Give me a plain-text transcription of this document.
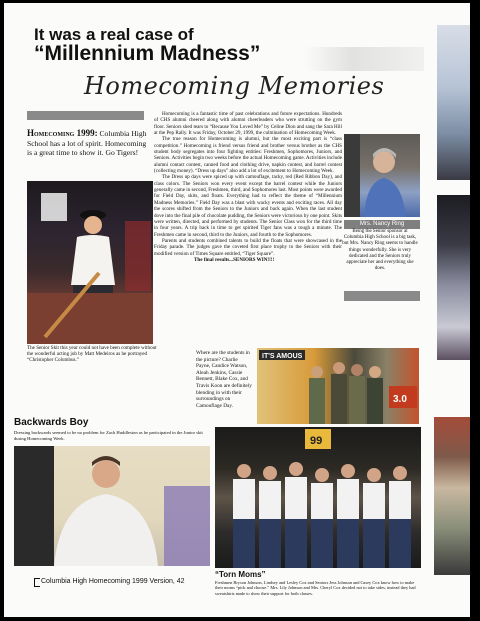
It was a real case of
“Millennium Madness”
Homecoming Memories
Homecoming 1999: Columbia High School has a lot of spirit. Homecoming is a great time to show it. Go Tigers!

Homecoming is a fantastic time of past celebrations and future expectations. Hundreds of CHS alumni cheered along with alumni cheerleaders who were strutting on the gym floor. Seniors shed tears to “Because You Loved Me” by Celine Dion and sang the Sara Hill at the Pep Rally. It was Friday, October 29, 1999, the culmination of Homecoming Week.

The true reason for Homecoming is alumni, but the most exciting part is “class competition.” Homecoming is friend versus friend and brother versus brother as the CHS student body segregates into four fighting entities: Freshmen, Sophomores, Juniors, and Seniors. Activities begin two weeks before the actual Homecoming game. Activities include alumni contact contest, canned food and clothing drive, napkin contest, and barrel contest (collecting money). “Dress up days” also add a lot of excitement to Homecoming Week.

The Dress up days were spiced up with camouflage, tacky, red (Red Ribbon Day), and class colors. The Seniors won every event except the barrel contest while the Juniors generally came in second, Freshmen, third, and Sophomores last. Most points were awarded for Field Day, skits, and floats. Everything had to reflect the theme of “Millennium Madness Memories.” Field Day was a blast with wacky events and exciting races. All day the scores shifted from the Seniors to the Juniors and back again. When the last student dove into the final pile of chocolate pudding, the Seniors were victorious by one point. Skits were written, directed, and performed by students. The Senior Class won for the third time in four years. A trip back in time to get spirited Tiger fans was a tough a minute. The Freshmen came in second, third to the Juniors, and fourth to the Sophomores.

Parents and students combined talents to build the floats that were showcased in the Friday parade. The judges gave the coveted first place trophy to the Seniors with their modified version of Times Square entitled, “Tiger Square”.

The final results...SENIORS WIN!!!!

The Senior Skit this year could not have been complete without the wonderful acting job by Matt Medeiros as he portrayed “Christopher Columbus.”
Mrs. Nancy Ring
Being the Senior sponsor at Columbia High School is a big task, but Mrs. Nancy Ring seems to handle things wonderfully. She is very dedicated and the Seniors truly appreciate her and everything she does.
Where are the students in the picture? Charlie Payne, Candice Watson, Aleah Jenkins, Cassie Bennett, Blake Cox, and Travis Koon are definitely blending in with their surroundings on Camouflage Day.
IT'S AMOUS
3.0
Backwards Boy
Dressing backwards seemed to be no problem for Zach Huddleston as he participated in the Junior skit during Homecoming Week.	99
“Torn Moms”
Freshmen Bryson Johnson, Lindsey and Lesley Cox and Seniors Jess Johnson and Casey Cox know how to make their moms “pick and choose.” Mrs. Lily Johnson and Mrs. Cheryl Cox decided not to take sides, instead they had sweatshirts made to show their support for both classes.
Columbia High Homecoming 1999 Version, 42
